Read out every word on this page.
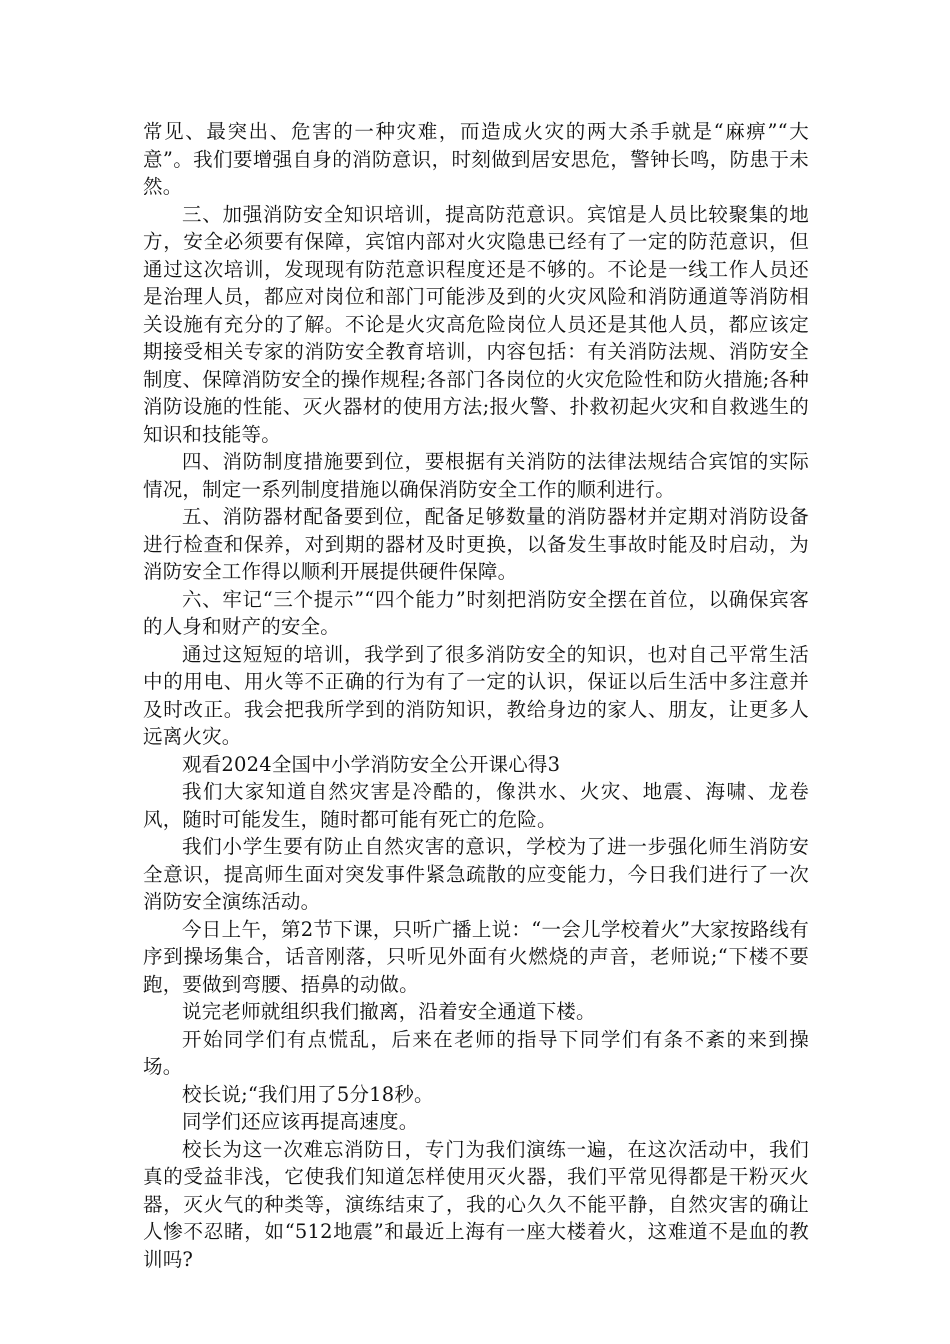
常见、最突出、危害的一种灾难，而造成火灾的两大杀手就是“麻痹”“大意”。我们要增强自身的消防意识，时刻做到居安思危，警钟长鸣，防患于未然。

三、加强消防安全知识培训，提高防范意识。宾馆是人员比较聚集的地方，安全必须要有保障，宾馆内部对火灾隐患已经有了一定的防范意识，但通过这次培训，发现现有防范意识程度还是不够的。不论是一线工作人员还是治理人员，都应对岗位和部门可能涉及到的火灾风险和消防通道等消防相关设施有充分的了解。不论是火灾高危险岗位人员还是其他人员，都应该定期接受相关专家的消防安全教育培训，内容包括：有关消防法规、消防安全制度、保障消防安全的操作规程;各部门各岗位的火灾危险性和防火措施;各种消防设施的性能、灭火器材的使用方法;报火警、扑救初起火灾和自救逃生的知识和技能等。

四、消防制度措施要到位，要根据有关消防的法律法规结合宾馆的实际情况，制定一系列制度措施以确保消防安全工作的顺利进行。

五、消防器材配备要到位，配备足够数量的消防器材并定期对消防设备进行检查和保养，对到期的器材及时更换，以备发生事故时能及时启动，为消防安全工作得以顺利开展提供硬件保障。

六、牢记“三个提示”“四个能力”时刻把消防安全摆在首位，以确保宾客的人身和财产的安全。

通过这短短的培训，我学到了很多消防安全的知识，也对自己平常生活中的用电、用火等不正确的行为有了一定的认识，保证以后生活中多注意并及时改正。我会把我所学到的消防知识，教给身边的家人、朋友，让更多人远离火灾。

观看2024全国中小学消防安全公开课心得3

我们大家知道自然灾害是冷酷的，像洪水、火灾、地震、海啸、龙卷风，随时可能发生，随时都可能有死亡的危险。

我们小学生要有防止自然灾害的意识，学校为了进一步强化师生消防安全意识，提高师生面对突发事件紧急疏散的应变能力，今日我们进行了一次消防安全演练活动。

今日上午，第2节下课，只听广播上说：“一会儿学校着火”大家按路线有序到操场集合，话音刚落，只听见外面有火燃烧的声音，老师说;“下楼不要跑，要做到弯腰、捂鼻的动做。

说完老师就组织我们撤离，沿着安全通道下楼。

开始同学们有点慌乱，后来在老师的指导下同学们有条不紊的来到操场。

校长说;“我们用了5分18秒。

同学们还应该再提高速度。

校长为这一次难忘消防日，专门为我们演练一遍，在这次活动中，我们真的受益非浅，它使我们知道怎样使用灭火器，我们平常见得都是干粉灭火器，灭火气的种类等，演练结束了，我的心久久不能平静，自然灾害的确让人惨不忍睹，如“512地震”和最近上海有一座大楼着火，这难道不是血的教训吗?
